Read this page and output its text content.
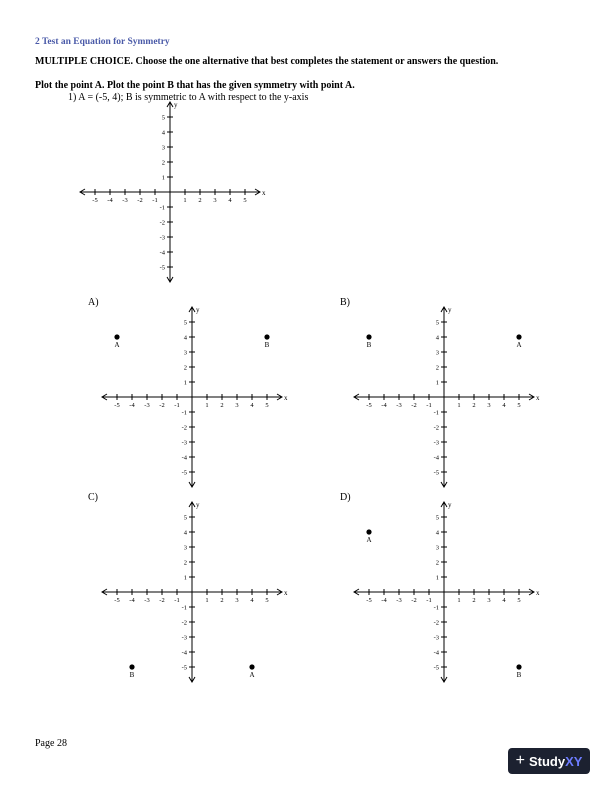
2 Test an Equation for Symmetry
MULTIPLE CHOICE. Choose the one alternative that best completes the statement or answers the question.
Plot the point A. Plot the point B that has the given symmetry with point A.
1) A = (-5, 4); B is symmetric to A with respect to the y-axis
-5 -4 -3 -2 -1	1 2 3 4 5
5
4
3
2
1
-1
-2
-3
-4
-5
x
y
A)
-5 -4 -3 -2 -1	1 2 3 4 5
5
4
3
2
1
-1
-2
-3
-4
-5
x
y
A	B
B)
-5 -4 -3 -2 -1	1 2 3 4 5
5
4
3
2
1
-1
-2
-3
-4
-5
x
y
B	A
C)
-5 -4 -3 -2 -1	1 2 3 4 5
5
4
3
2
1
-1
-2
-3
-4
-5
x
y
B	A
D)
-5 -4 -3 -2 -1	1 2 3 4 5
5
4
3
2
1
-1
-2
-3
-4
-5
x
y
A
B
Page 28
+ Study XY
